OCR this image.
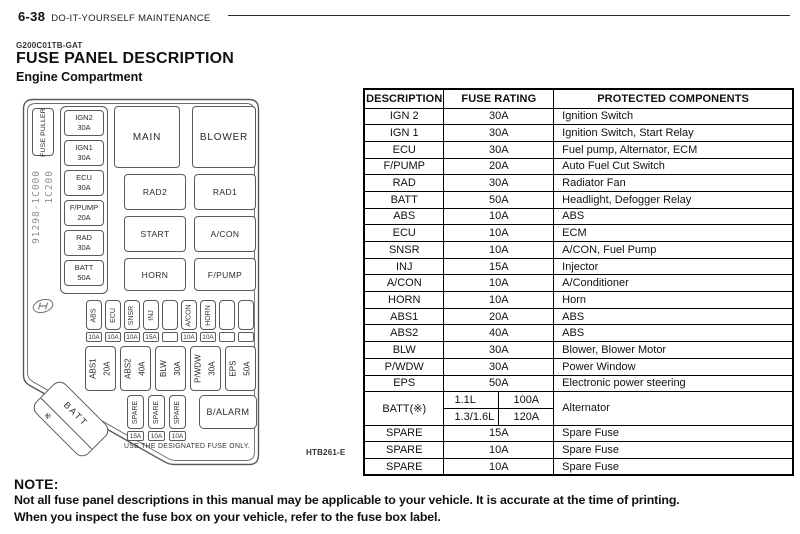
6-38 DO-IT-YOURSELF MAINTENANCE
G200C01TB-GAT
FUSE PANEL DESCRIPTION
Engine Compartment
FUSE PULLER
91298-1C000 1C200
B/ALARM
BATT
※
USE THE DESIGNATED FUSE ONLY.
IGN2
30A
IGN1
30A
ECU
30A
F/PUMP
20A
RAD
30A
BATT
50A
MAIN
RAD2
START
HORN
BLOWER
RAD1
A/CON
F/PUMP
ABS
10A
ECU
10A
SNSR
10A
INJ
15A
A/CON
10A
HORN
10A
ABS1 20A	ABS2 40A	BLW 30A	P/WDW 30A	EPS 50A
SPARE
15A
SPARE
10A
SPARE
10A
HTB261-E
DESCRIPTION	FUSE RATING		PROTECTED COMPONENTS
IGN 2	30A		Ignition Switch
IGN 1	30A		Ignition Switch, Start Relay
ECU	30A		Fuel pump, Alternator, ECM
F/PUMP	20A		Auto Fuel Cut Switch
RAD	30A		Radiator Fan
BATT	50A		Headlight, Defogger Relay
ABS	10A		ABS
ECU	10A		ECM
SNSR	10A		A/CON, Fuel Pump
INJ	15A		Injector
A/CON	10A		A/Conditioner
HORN	10A		Horn
ABS1	20A		ABS
ABS2	40A		ABS
BLW	30A		Blower, Blower Motor
P/WDW	30A		Power Window
EPS	50A		Electronic power steering
BATT(※)	1.1L	100A	Alternator
	1.3/1.6L	120A	
SPARE	15A		Spare Fuse
SPARE	10A		Spare Fuse
SPARE	10A		Spare Fuse
NOTE:
Not all fuse panel descriptions in this manual may be applicable to your vehicle. It is accurate at the time of printing.
When you inspect the fuse box on your vehicle, refer to the fuse box label.
